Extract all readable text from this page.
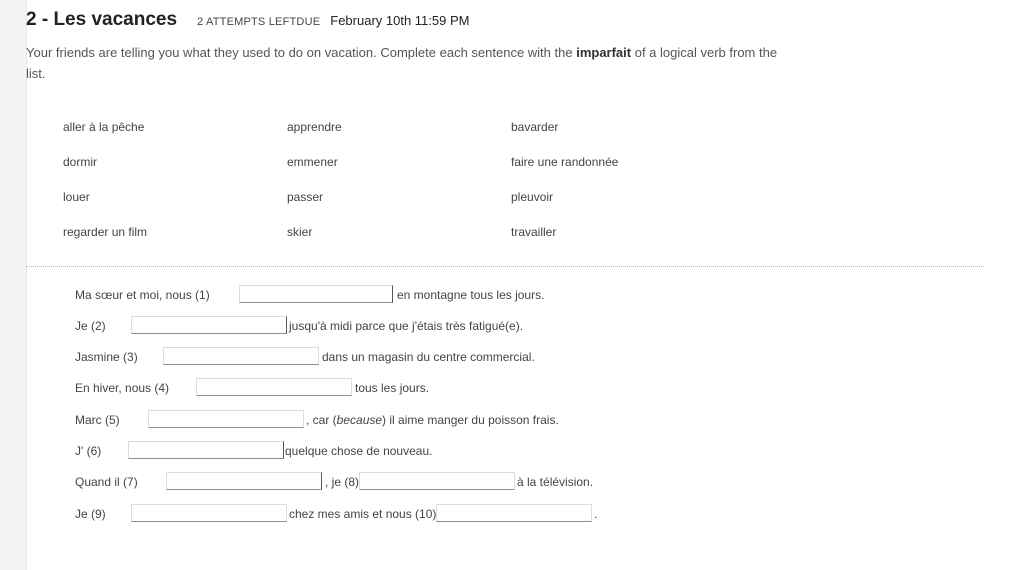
2 - Les vacances 2 ATTEMPTS LEFT DUE February 10th 11:59 PM
Your friends are telling you what they used to do on vacation. Complete each sentence with the imparfait of a logical verb from the list.
aller à la pêche	apprendre	bavarder
dormir	emmener	faire une randonnée
louer	passer	pleuvoir
regarder un film	skier	travailler
Ma sœur et moi, nous (1)	en montagne tous les jours.
Je (2)	jusqu'à midi parce que j'étais très fatigué(e).
Jasmine (3)	dans un magasin du centre commercial.
En hiver, nous (4)	tous les jours.
Marc (5)	, car (because) il aime manger du poisson frais.
J' (6)	quelque chose de nouveau.
Quand il (7)	, je (8)	à la télévision.
Je (9)	chez mes amis et nous (10)	.
